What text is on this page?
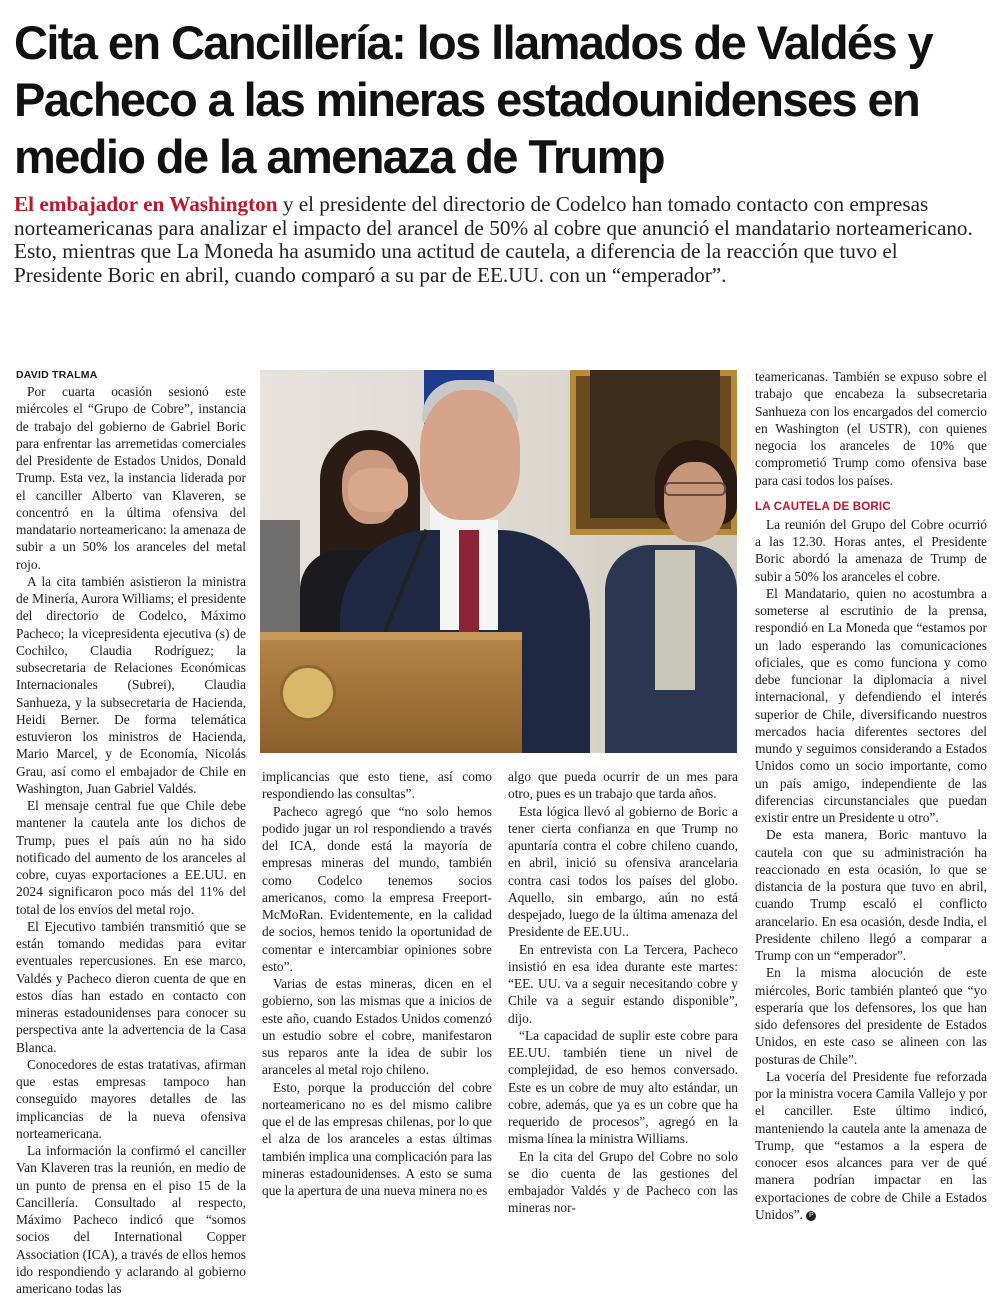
Cita en Cancillería: los llamados de Valdés y Pacheco a las mineras estadounidenses en medio de la amenaza de Trump
El embajador en Washington y el presidente del directorio de Codelco han tomado contacto con empresas norteamericanas para analizar el impacto del arancel de 50% al cobre que anunció el mandatario norteamericano. Esto, mientras que La Moneda ha asumido una actitud de cautela, a diferencia de la reacción que tuvo el Presidente Boric en abril, cuando comparó a su par de EE.UU. con un “emperador”.
DAVID TRALMA

Por cuarta ocasión sesionó este miércoles el “Grupo de Cobre”, instancia de trabajo del gobierno de Gabriel Boric para enfrentar las arremetidas comerciales del Presidente de Estados Unidos, Donald Trump. Esta vez, la instancia liderada por el canciller Alberto van Klaveren, se concentró en la última ofensiva del mandatario norteamericano: la amenaza de subir a un 50% los aranceles del metal rojo.

A la cita también asistieron la ministra de Minería, Aurora Williams; el presidente del directorio de Codelco, Máximo Pacheco; la vicepresidenta ejecutiva (s) de Cochilco, Claudia Rodríguez; la subsecretaria de Relaciones Económicas Internacionales (Subrei), Claudia Sanhueza, y la subsecretaria de Hacienda, Heidi Berner. De forma telemática estuvieron los ministros de Hacienda, Mario Marcel, y de Economía, Nicolás Grau, así como el embajador de Chile en Washington, Juan Gabriel Valdés.

El mensaje central fue que Chile debe mantener la cautela ante los dichos de Trump, pues el país aún no ha sido notificado del aumento de los aranceles al cobre, cuyas exportaciones a EE.UU. en 2024 significaron poco más del 11% del total de los envíos del metal rojo.

El Ejecutivo también transmitió que se están tomando medidas para evitar eventuales repercusiones. En ese marco, Valdés y Pacheco dieron cuenta de que en estos días han estado en contacto con mineras estadounidenses para conocer su perspectiva ante la advertencia de la Casa Blanca.

Conocedores de estas tratativas, afirman que estas empresas tampoco han conseguido mayores detalles de las implicancias de la nueva ofensiva norteamericana.

La información la confirmó el canciller Van Klaveren tras la reunión, en medio de un punto de prensa en el piso 15 de la Cancillería. Consultado al respecto, Máximo Pacheco indicó que “somos socios del International Copper Association (ICA), a través de ellos hemos ido respondiendo y aclarando al gobierno americano todas las

implicancias que esto tiene, así como respondiendo las consultas”.

Pacheco agregó que “no solo hemos podido jugar un rol respondiendo a través del ICA, donde está la mayoría de empresas mineras del mundo, también como Codelco tenemos socios americanos, como la empresa Freeport-McMoRan. Evidentemente, en la calidad de socios, hemos tenido la oportunidad de comentar e intercambiar opiniones sobre esto”.

Varias de estas mineras, dicen en el gobierno, son las mismas que a inicios de este año, cuando Estados Unidos comenzó un estudio sobre el cobre, manifestaron sus reparos ante la idea de subir los aranceles al metal rojo chileno.

Esto, porque la producción del cobre norteamericano no es del mismo calibre que el de las empresas chilenas, por lo que el alza de los aranceles a estas últimas también implica una complicación para las mineras estadounidenses. A esto se suma que la apertura de una nueva minera no es

algo que pueda ocurrir de un mes para otro, pues es un trabajo que tarda años.

Esta lógica llevó al gobierno de Boric a tener cierta confianza en que Trump no apuntaría contra el cobre chileno cuando, en abril, inició su ofensiva arancelaria contra casi todos los países del globo. Aquello, sin embargo, aún no está despejado, luego de la última amenaza del Presidente de EE.UU..

En entrevista con La Tercera, Pacheco insistió en esa idea durante este martes: “EE. UU. va a seguir necesitando cobre y Chile va a seguir estando disponible”, dijo.

“La capacidad de suplir este cobre para EE.UU. también tiene un nivel de complejidad, de eso hemos conversado. Este es un cobre de muy alto estándar, un cobre, además, que ya es un cobre que ha requerido de procesos”, agregó en la misma línea la ministra Williams.

En la cita del Grupo del Cobre no solo se dio cuenta de las gestiones del embajador Valdés y de Pacheco con las mineras nor-

teamericanas. También se expuso sobre el trabajo que encabeza la subsecretaria Sanhueza con los encargados del comercio en Washington (el USTR), con quienes negocia los aranceles de 10% que comprometió Trump como ofensiva base para casi todos los países.

LA CAUTELA DE BORIC

La reunión del Grupo del Cobre ocurrió a las 12.30. Horas antes, el Presidente Boric abordó la amenaza de Trump de subir a 50% los aranceles el cobre.

El Mandatario, quien no acostumbra a someterse al escrutinio de la prensa, respondió en La Moneda que “estamos por un lado esperando las comunicaciones oficiales, que es como funciona y como debe funcionar la diplomacia a nivel internacional, y defendiendo el interés superior de Chile, diversificando nuestros mercados hacia diferentes sectores del mundo y seguimos considerando a Estados Unidos como un socio importante, como un país amigo, independiente de las diferencias circunstanciales que puedan existir entre un Presidente u otro”.

De esta manera, Boric mantuvo la cautela con que su administración ha reaccionado en esta ocasión, lo que se distancia de la postura que tuvo en abril, cuando Trump escaló el conflicto arancelario. En esa ocasión, desde India, el Presidente chileno llegó a comparar a Trump con un “emperador”.

En la misma alocución de este miércoles, Boric también planteó que “yo esperaría que los defensores, los que han sido defensores del presidente de Estados Unidos, en este caso se alineen con las posturas de Chile”.

La vocería del Presidente fue reforzada por la ministra vocera Camila Vallejo y por el canciller. Este último indicó, manteniendo la cautela ante la amenaza de Trump, que “estamos a la espera de conocer esos alcances para ver de qué manera podrían impactar en las exportaciones de cobre de Chile a Estados Unidos”. P
